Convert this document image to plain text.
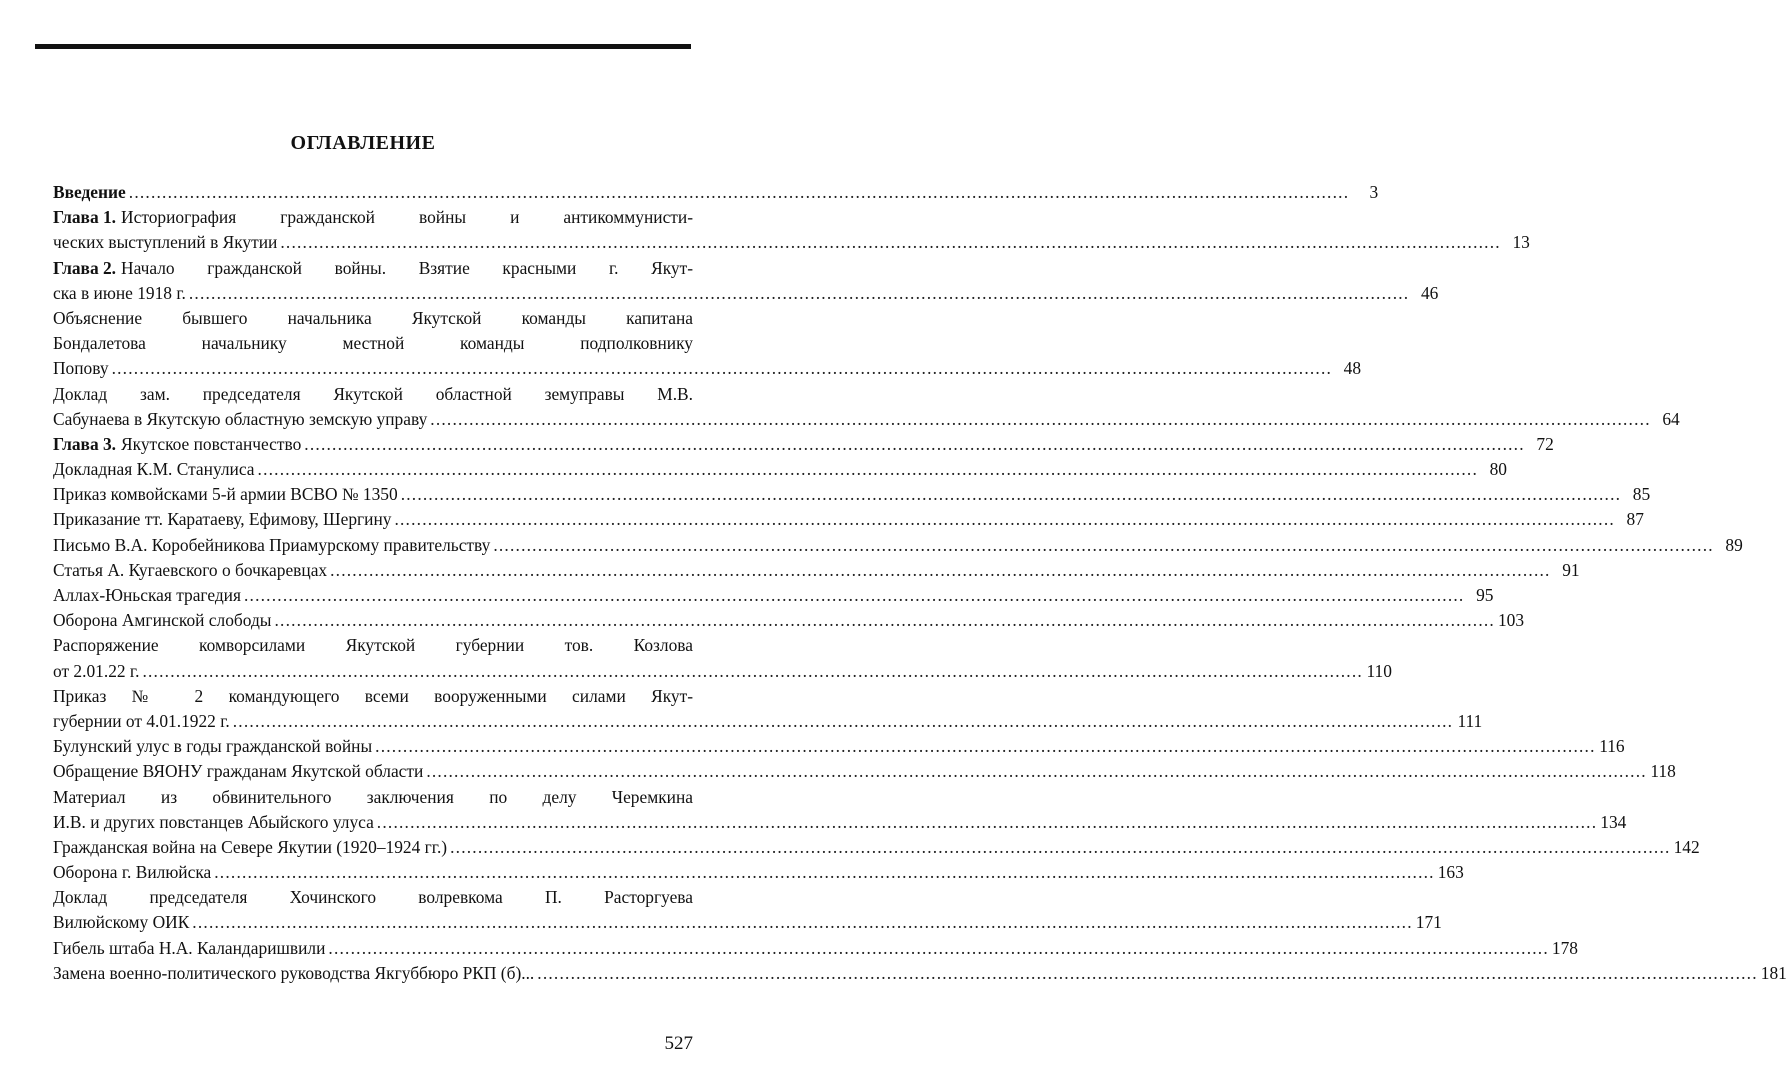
ОГЛАВЛЕНИЕ
Введение ............................................................................................................................................................................................................................	3
Глава 1. Историография гражданской войны и антикоммунисти-
ческих выступлений в Якутии ............................................................................................................................................................................................................................ 13
Глава 2. Начало гражданской войны. Взятие красными г. Якут-
ска в июне 1918 г. ............................................................................................................................................................................................................................ 46
Объяснение бывшего начальника Якутской команды капитана
Бондалетова начальнику местной команды подполковнику
Попову ............................................................................................................................................................................................................................ 48
Доклад зам. председателя Якутской областной земуправы М.В.
Сабунаева в Якутскую областную земскую управу ............................................................................................................................................................................................................................ 64
Глава 3. Якутское повстанчество ............................................................................................................................................................................................................................ 72
Докладная К.М. Станулиса ............................................................................................................................................................................................................................ 80
Приказ комвойсками 5-й армии ВСВО № 1350 ............................................................................................................................................................................................................................ 85
Приказание тт. Каратаеву, Ефимову, Шергину ............................................................................................................................................................................................................................ 87
Письмо В.А. Коробейникова Приамурскому правительству ............................................................................................................................................................................................................................ 89
Статья А. Кугаевского о бочкаревцах ............................................................................................................................................................................................................................ 91
Аллах-Юньская трагедия ............................................................................................................................................................................................................................ 95
Оборона Амгинской слободы ............................................................................................................................................................................................................................ 103
Распоряжение комворсилами Якутской губернии тов. Козлова
от 2.01.22 г. ............................................................................................................................................................................................................................ 110
Приказ № 2 командующего всеми вооруженными силами Якут-
губернии от 4.01.1922 г. ............................................................................................................................................................................................................................ 111
Булунский улус в годы гражданской войны ............................................................................................................................................................................................................................ 116
Обращение ВЯОНУ гражданам Якутской области ............................................................................................................................................................................................................................ 118
Материал из обвинительного заключения по делу Черемкина
И.В. и других повстанцев Абыйского улуса ............................................................................................................................................................................................................................ 134
Гражданская война на Севере Якутии (1920–1924 гг.) ............................................................................................................................................................................................................................ 142
Оборона г. Вилюйска ............................................................................................................................................................................................................................ 163
Доклад председателя Хочинского волревкома П. Расторгуева
Вилюйскому ОИК ............................................................................................................................................................................................................................ 171
Гибель штаба Н.А. Каландаришвили ............................................................................................................................................................................................................................ 178
Замена военно-политического руководства Якгуббюро РКП (б)... ............................................................................................................................................................................................................................ 181
527
